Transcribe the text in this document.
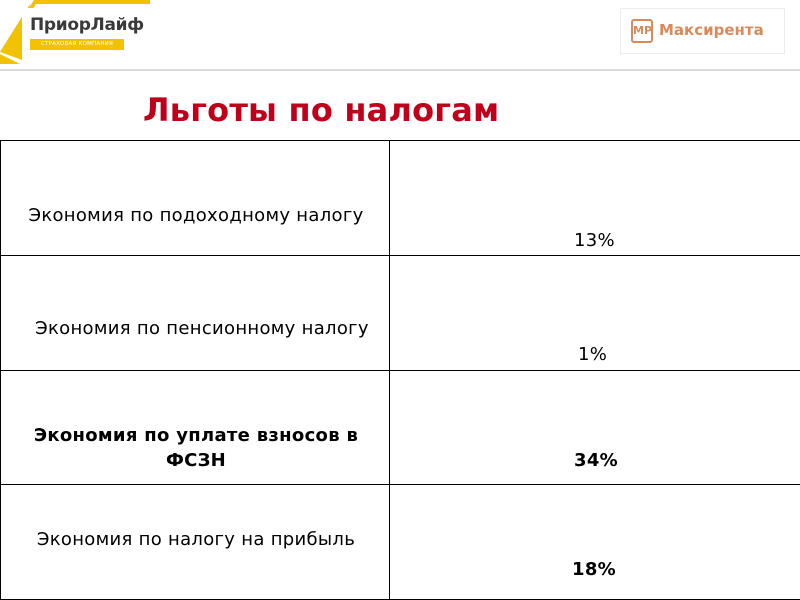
ПриорЛайф
СТРАХОВАЯ КОМПАНИЯ
МР Максирента
Льготы по налогам
Экономия по подоходному налогу	13%

Экономия по пенсионному налогу	1%

Экономия по уплате взносов в ФСЗН	34%

Экономия по налогу на прибыль	18%
